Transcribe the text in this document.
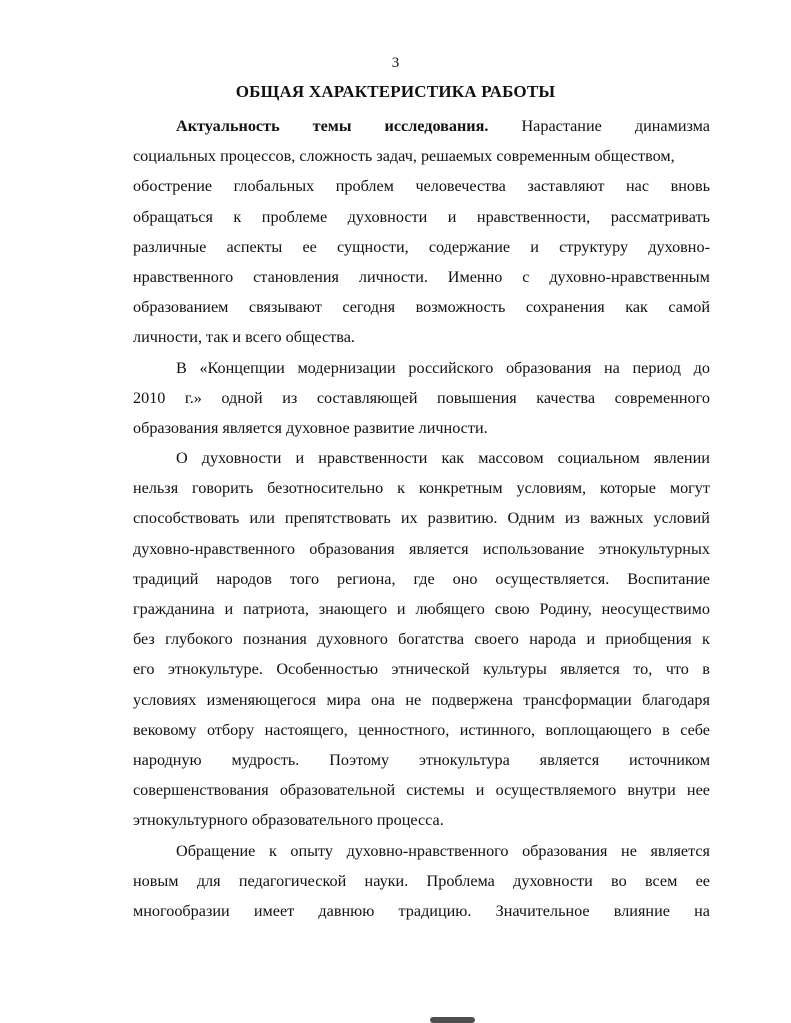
3
ОБЩАЯ ХАРАКТЕРИСТИКА РАБОТЫ
Актуальность темы исследования. Нарастание динамизма
социальных процессов, сложность задач, решаемых современным обществом,
обострение глобальных проблем человечества заставляют нас вновь
обращаться к проблеме духовности и нравственности, рассматривать
различные аспекты ее сущности, содержание и структуру духовно-
нравственного становления личности. Именно с духовно-нравственным
образованием связывают сегодня возможность сохранения как самой
личности, так и всего общества.
В «Концепции модернизации российского образования на период до
2010 г.» одной из составляющей повышения качества современного
образования является духовное развитие личности.
О духовности и нравственности как массовом социальном явлении
нельзя говорить безотносительно к конкретным условиям, которые могут
способствовать или препятствовать их развитию. Одним из важных условий
духовно-нравственного образования является использование этнокультурных
традиций народов того региона, где оно осуществляется. Воспитание
гражданина и патриота, знающего и любящего свою Родину, неосуществимо
без глубокого познания духовного богатства своего народа и приобщения к
его этнокультуре. Особенностью этнической культуры является то, что в
условиях изменяющегося мира она не подвержена трансформации благодаря
вековому отбору настоящего, ценностного, истинного, воплощающего в себе
народную мудрость. Поэтому этнокультура является источником
совершенствования образовательной системы и осуществляемого внутри нее
этнокультурного образовательного процесса.
Обращение к опыту духовно-нравственного образования не является
новым для педагогической науки. Проблема духовности во всем ее
многообразии имеет давнюю традицию. Значительное влияние на
